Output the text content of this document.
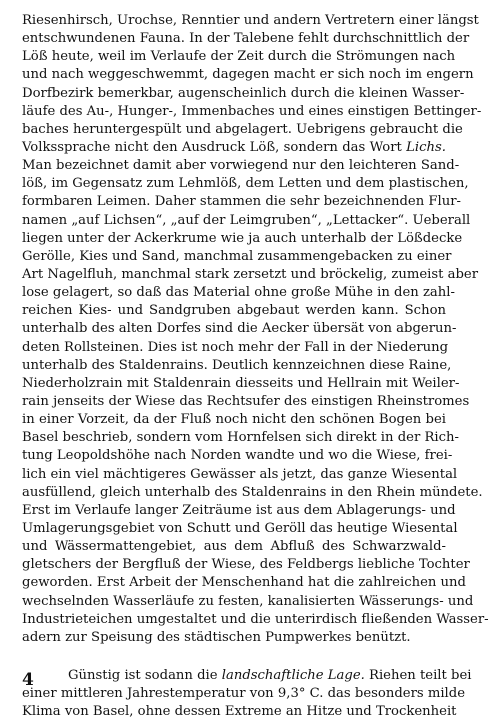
Riesenhirsch, Urochse, Renntier und andern Vertretern einer längst
entschwundenen Fauna. In der Talebene fehlt durchschnittlich der
Löß heute, weil im Verlaufe der Zeit durch die Strömungen nach
und nach weggeschwemmt, dagegen macht er sich noch im engern
Dorfbezirk bemerkbar, augenscheinlich durch die kleinen Wasser-
läufe des Au-, Hunger-, Immenbaches und eines einstigen Bettinger-
baches heruntergespült und abgelagert. Uebrigens gebraucht die
Volkssprache nicht den Ausdruck Löß, sondern das Wort Lichs.
Man bezeichnet damit aber vorwiegend nur den leichteren Sand-
löß, im Gegensatz zum Lehmlöß, dem Letten und dem plastischen,
formbaren Leimen. Daher stammen die sehr bezeichnenden Flur-
namen „auf Lichsen“, „auf der Leimgruben“, „Lettacker“. Ueberall
liegen unter der Ackerkrume wie ja auch unterhalb der Lößdecke
Gerölle, Kies und Sand, manchmal zusammengebacken zu einer
Art Nagelfluh, manchmal stark zersetzt und bröckelig, zumeist aber
lose gelagert, so daß das Material ohne große Mühe in den zahl-
reichen Kies- und Sandgruben abgebaut werden kann. Schon
unterhalb des alten Dorfes sind die Aecker übersät von abgerun-
deten Rollsteinen. Dies ist noch mehr der Fall in der Niederung
unterhalb des Staldenrains. Deutlich kennzeichnen diese Raine,
Niederholzrain mit Staldenrain diesseits und Hellrain mit Weiler-
rain jenseits der Wiese das Rechtsufer des einstigen Rheinstromes
in einer Vorzeit, da der Fluß noch nicht den schönen Bogen bei
Basel beschrieb, sondern vom Hornfelsen sich direkt in der Rich-
tung Leopoldshöhe nach Norden wandte und wo die Wiese, frei-
lich ein viel mächtigeres Gewässer als jetzt, das ganze Wiesental
ausfüllend, gleich unterhalb des Staldenrains in den Rhein mündete.
Erst im Verlaufe langer Zeiträume ist aus dem Ablagerungs- und
Umlagerungsgebiet von Schutt und Geröll das heutige Wiesental
und Wässermattengebiet, aus dem Abfluß des Schwarzwald-
gletschers der Bergfluß der Wiese, des Feldbergs liebliche Tochter
geworden. Erst Arbeit der Menschenhand hat die zahlreichen und
wechselnden Wasserläufe zu festen, kanalisierten Wässerungs- und
Industrieteichen umgestaltet und die unterirdisch fließenden Wasser-
adern zur Speisung des städtischen Pumpwerkes benützt.
Günstig ist sodann die landschaftliche Lage. Riehen teilt bei
einer mittleren Jahrestemperatur von 9,3° C. das besonders milde
Klima von Basel, ohne dessen Extreme an Hitze und Trockenheit
4
